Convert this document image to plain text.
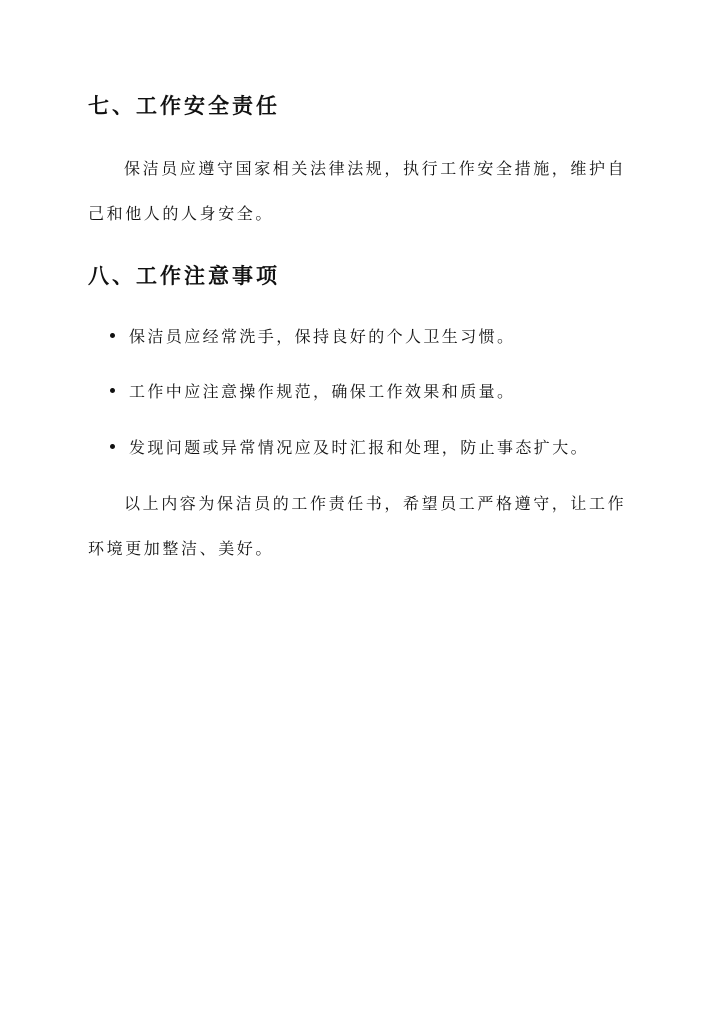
七、工作安全责任
保洁员应遵守国家相关法律法规，执行工作安全措施，维护自
己和他人的人身安全。
八、工作注意事项
保洁员应经常洗手，保持良好的个人卫生习惯。
工作中应注意操作规范，确保工作效果和质量。
发现问题或异常情况应及时汇报和处理，防止事态扩大。
以上内容为保洁员的工作责任书，希望员工严格遵守，让工作
环境更加整洁、美好。
